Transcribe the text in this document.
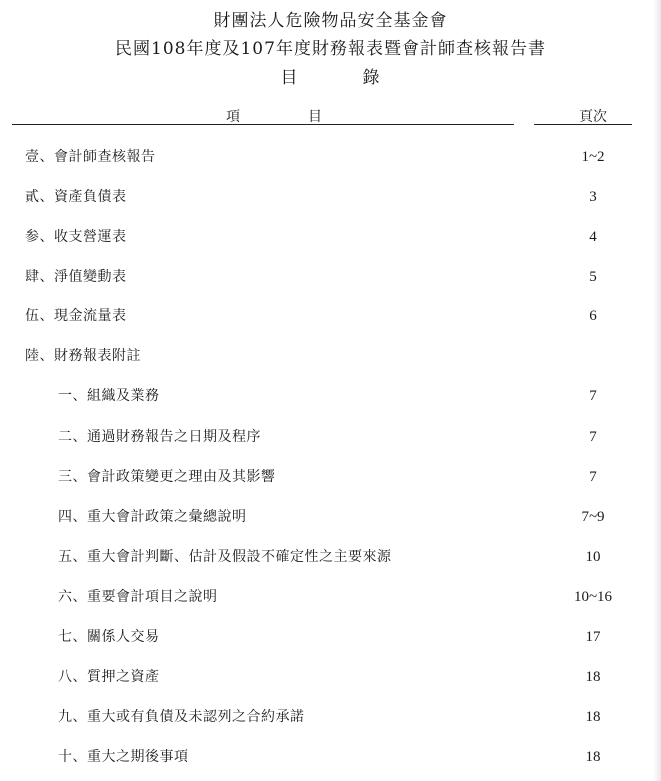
財團法人危險物品安全基金會
民國108年度及107年度財務報表暨會計師查核報告書
目	錄
項	目	頁次
壹、會計師查核報告	1~2
貳、資產負債表	3
参、收支營運表	4
肆、淨值變動表	5
伍、現金流量表	6
陸、財務報表附註
一、組織及業務	7
二、通過財務報告之日期及程序	7
三、會計政策變更之理由及其影響	7
四、重大會計政策之彙總說明	7~9
五、重大會計判斷、估計及假設不確定性之主要來源	10
六、重要會計項目之說明	10~16
七、關係人交易	17
八、質押之資產	18
九、重大或有負債及未認列之合約承諾	18
十、重大之期後事項	18
